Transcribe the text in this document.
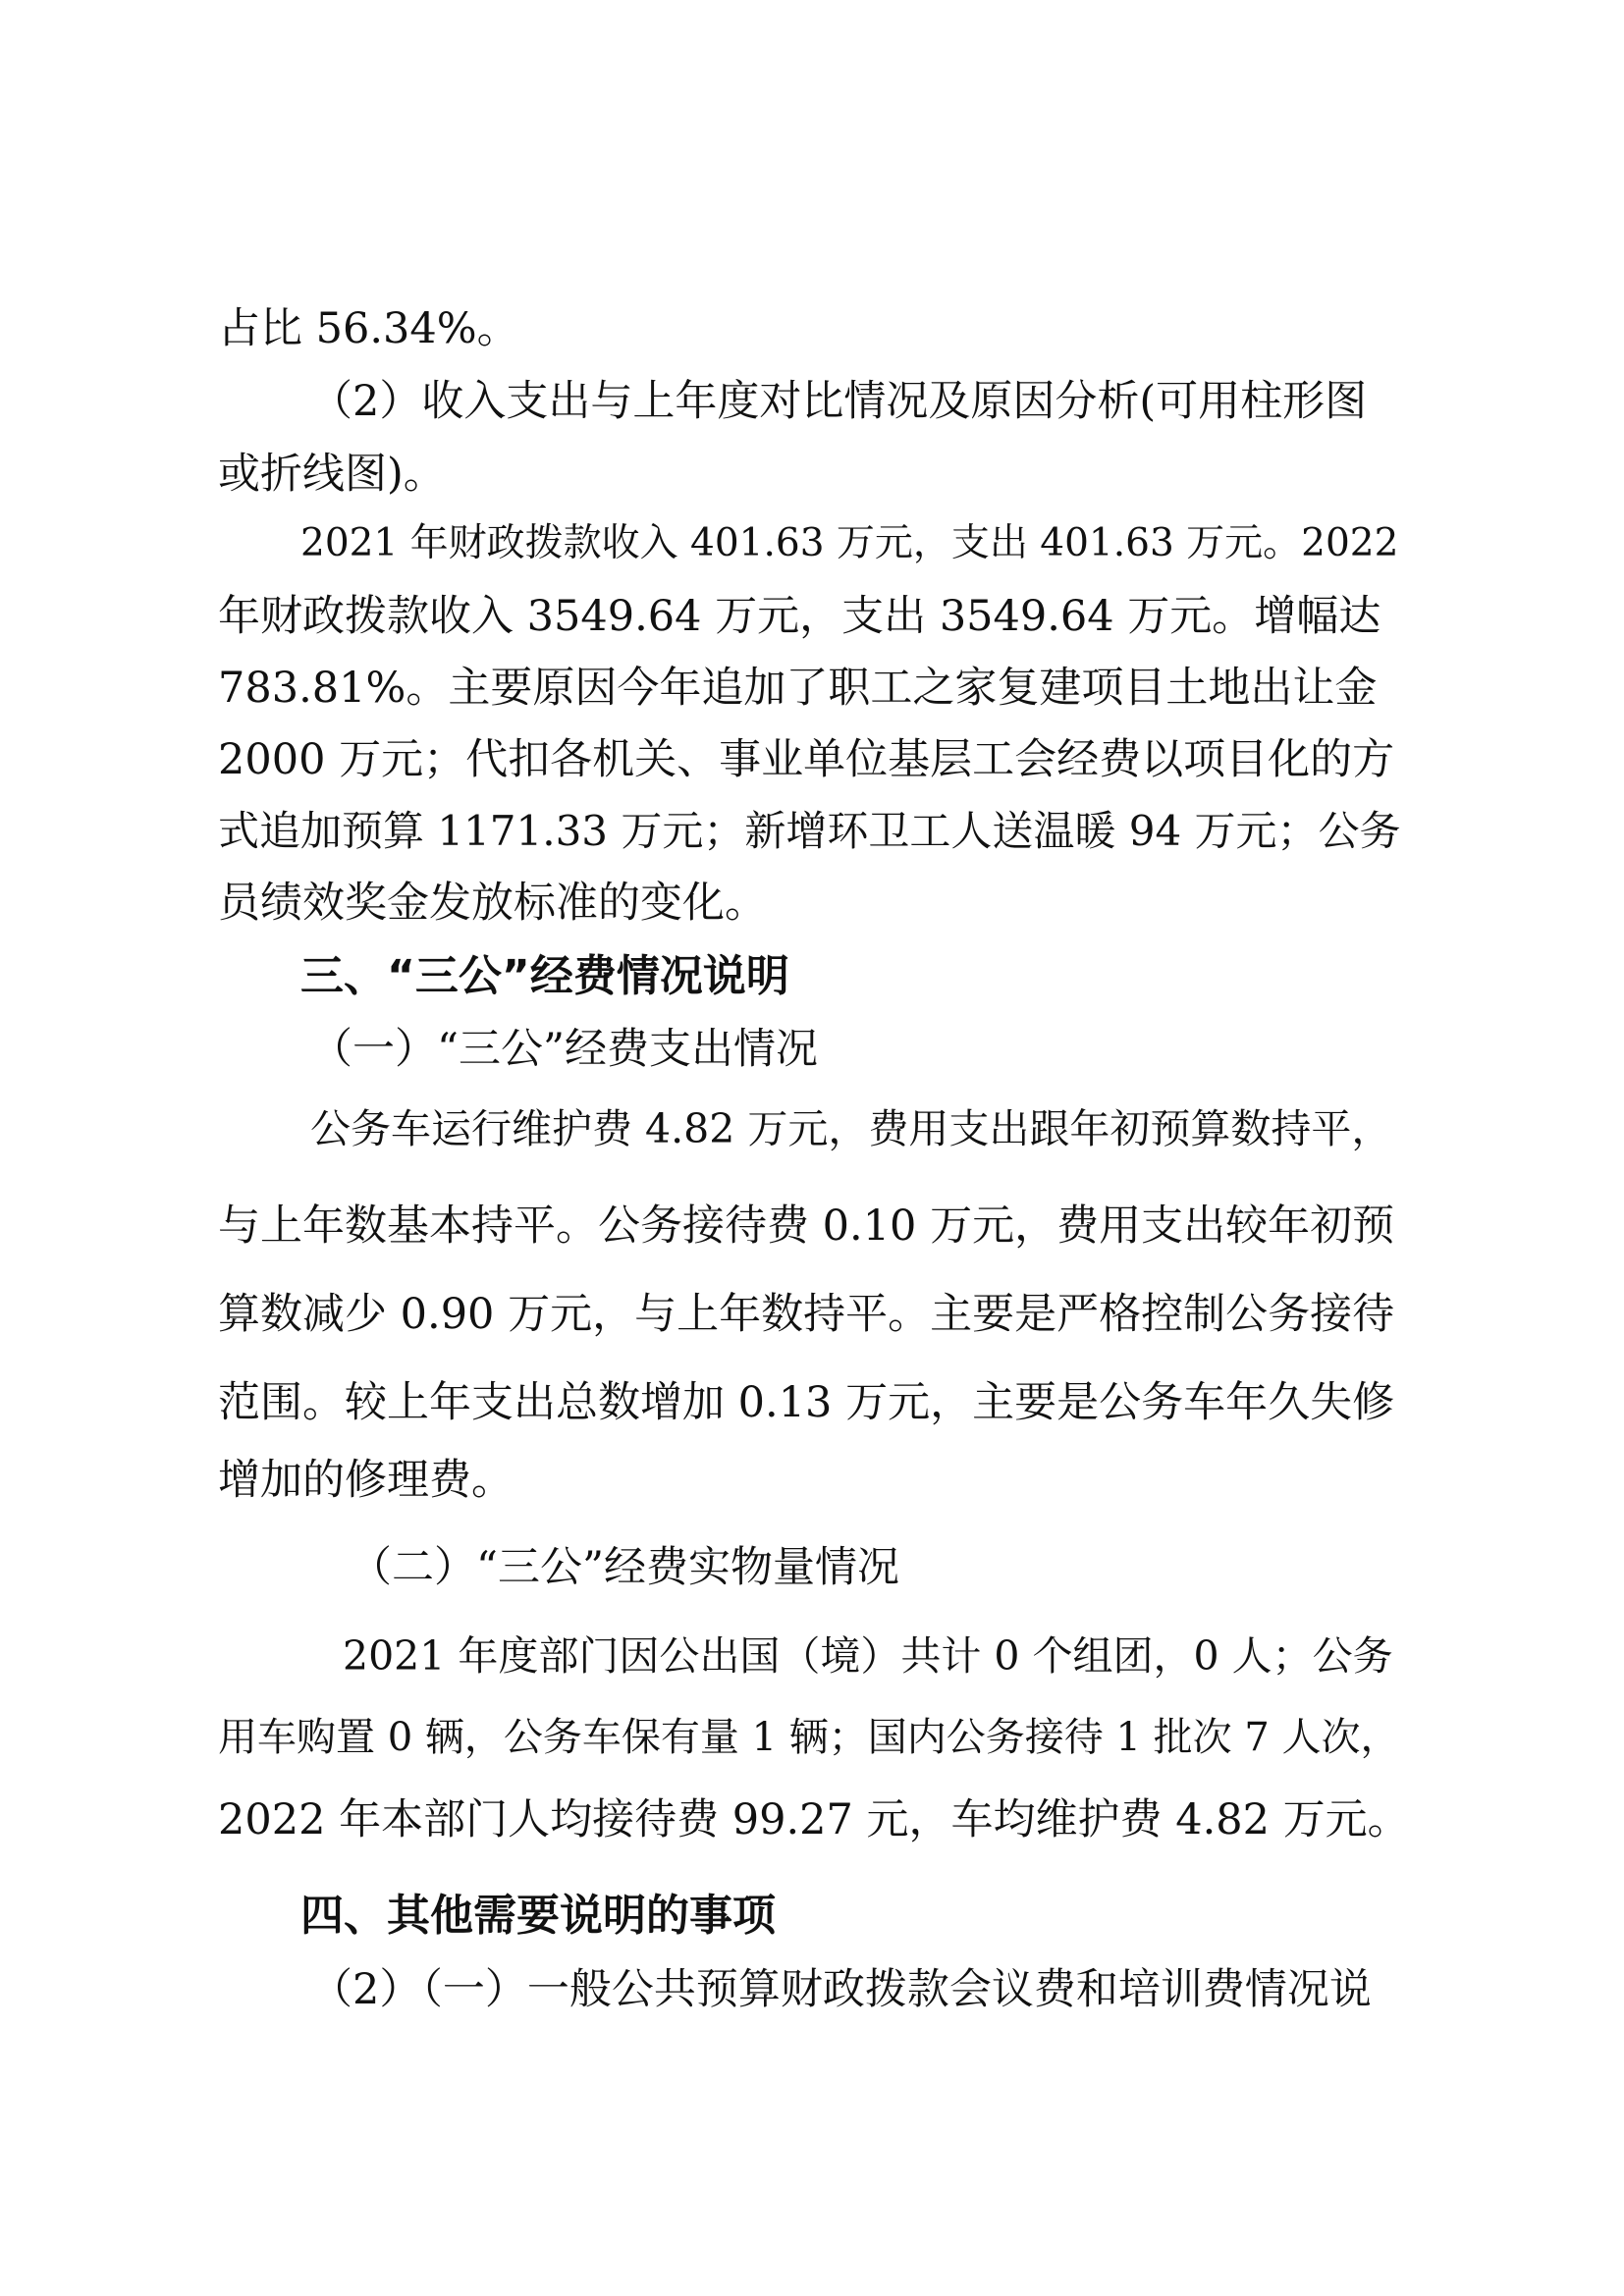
占比 56.34%。
（2）收入支出与上年度对比情况及原因分析(可用柱形图
或折线图)。
2021 年财政拨款收入 401.63 万元，支出 401.63 万元。2022
年财政拨款收入 3549.64 万元，支出 3549.64 万元。增幅达
783.81%。主要原因今年追加了职工之家复建项目土地出让金
2000 万元；代扣各机关、事业单位基层工会经费以项目化的方
式追加预算 1171.33 万元；新增环卫工人送温暖 94 万元；公务
员绩效奖金发放标准的变化。
三、“三公”经费情况说明
（一）“三公”经费支出情况
公务车运行维护费 4.82 万元，费用支出跟年初预算数持平，
与上年数基本持平。公务接待费 0.10 万元，费用支出较年初预
算数减少 0.90 万元，与上年数持平。主要是严格控制公务接待
范围。较上年支出总数增加 0.13 万元，主要是公务车年久失修
增加的修理费。
（二）“三公”经费实物量情况
2021 年度部门因公出国（境）共计 0 个组团，0 人；公务
用车购置 0 辆，公务车保有量 1 辆；国内公务接待 1 批次 7 人次，
2022 年本部门人均接待费 99.27 元，车均维护费 4.82 万元。
四、其他需要说明的事项
（2）（一）一般公共预算财政拨款会议费和培训费情况说
